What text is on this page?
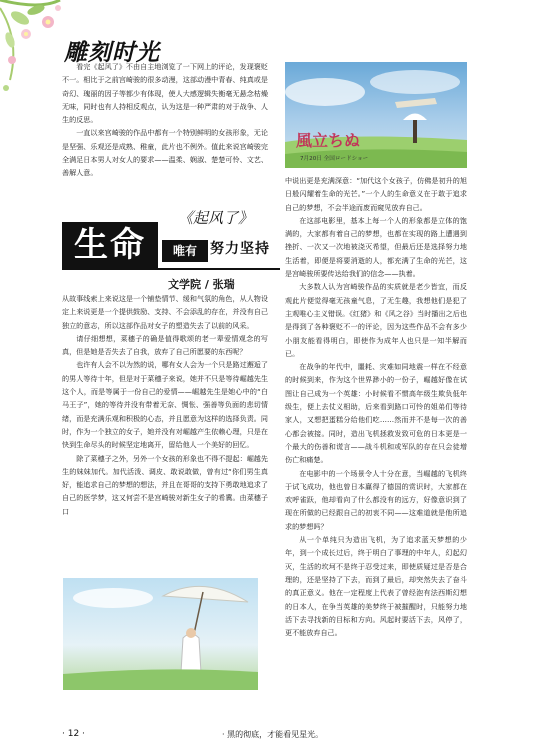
雕刻时光

看完《起风了》不由自主地浏览了一下网上的评论，发现褒贬不一。相比于之前宫崎骏的很多动漫，这部动漫中青春、纯真或是奇幻、瑰丽的因子等都少有体现，使人大感逻辑失衡毫无悬念枯燥无味，同时也有人持相反观点，认为这是一种严肃的对于战争、人生的反思。

一直以来宫崎骏的作品中都有一个特别鲜明的女孩形象，无论是坚强、乐观还是成熟、稚童，此片也不例外。值此来说宫崎骏完全满足日本男人对女人的要求——温柔、娴淑、楚楚可怜、文艺、善解人意。

《起风了》
生命	唯有 努力坚持
文学院 / 张瑞

从故事线索上来说这是一个铺垫情节、缓和气氛的角色，从人物设定上来说更是一个提供鼓励、支持、不会添乱的存在，并没有自己独立的意志，所以这部作品对女子的塑造失去了以前的风采。

请仔细想想，菜穗子的确是值得歌颂的老一辈爱情观念的写真，但是她是否失去了自我，放弃了自己所愿要的东西呢？

也许有人会不以为然的说，哪有女人会为一个只是路过邂逅了的男人等待十年，但是对于菜穗子来说，她并不只是等待崛越先生这个人，而是等属于一份自己的爱情——崛越先生是她心中的“白马王子”，她的等待并没有带着无奈、惆怅、强善等负面的悲切情绪，而是充满乐观和积极的心态，并且愿意为这样的选择负责。同时，作为一个独立的女子，她并没有对崛越产生依赖心理，只是在快到生命尽头的时候坚定地离开，留给他人一个美好的回忆。

除了菜穗子之外，另外一个女孩的形象也不得不提起：崛越先生的妹妹加代。加代活泼、调皮、敢说敢做，曾有过“你们男生真好，能追求自己的梦想的想法，并且在哥哥的支持下勇敢地追求了自己的医学梦，这又何尝不是宫崎骏对新生女子的希冀。由菜穗子口

風立ちぬ
7月20日 全国ロードショー

中说出更是充满深意：“加代这个女孩子，仿佛是初升的旭日般闪耀着生命的光芒。”一个人的生命意义在于敢于追求自己的梦想，不会半途而废而窥见放弃自己。

在这部电影里，基本上每一个人的形象都是立体的饱满的，大家都有着自己的梦想，也都在实现的路上遭遇到挫折、一次又一次地被浇灭希望，但最后还是选择努力地生活着，即便是将要消逝的人，都充满了生命的光芒，这是宫崎骏所要传达给我们的信念——执着。

大多数人认为宫崎骏作品的实质就是老少皆宜，而反观此片便觉得毫无孩童气息，了无生趣，我想他们是犯了主观唯心主义错误。《红猪》和《风之谷》当时播出之后也是得到了各种褒贬不一的评论，因为这些作品不会有多少小朋友能看得明白，即使作为成年人也只是一知半解而已。

在战争的年代中，噩耗、灾难如同地震一样在不经意的时候到来，作为这个世界渺小的一份子，崛越好像在试图让自己成为一个英雄：小时候看不惯高年级生欺负低年级生，便上去仗义相助，后来看到路口可怜的姐弟们等待家人，又想把蛋糕分给他们吃……然而并不是每一次的善心都会被接。同时，造出飞机拯救发致可危的日本更是一个最大的伤善和谎言——战斗机和或军队的存在只会徒增伤亡和痛楚。

在电影中的一个场景令人十分在意，当崛越的飞机终于试飞成功，他也曾日本赢得了德国的赏识时，大家都在欢呼雀跃，他却看向了什么都没有的远方，好像意识到了现在所做的已经跟自己的初衷不同——这难道就是他所追求的梦想吗？

从一个单纯只为造出飞机，为了追求蓝天梦想的少年，到一个成长过后，终于明白了事理的中年人，幻起幻灭，生活的坎坷不是终于忍受过来，即使质疑过是否是合理的，还是坚持了下去，而到了最后，却突然失去了奋斗的真正意义。他在一定程度上代表了曾经泡有法西斯幻想的日本人，在争当英雄的美梦终于被摧醒时，只能努力地活下去寻找新的目标和方向。风起时要活下去，风停了，更不能放弃自己。

· 12 ·	· 黑的彻底，才能看见星光。
